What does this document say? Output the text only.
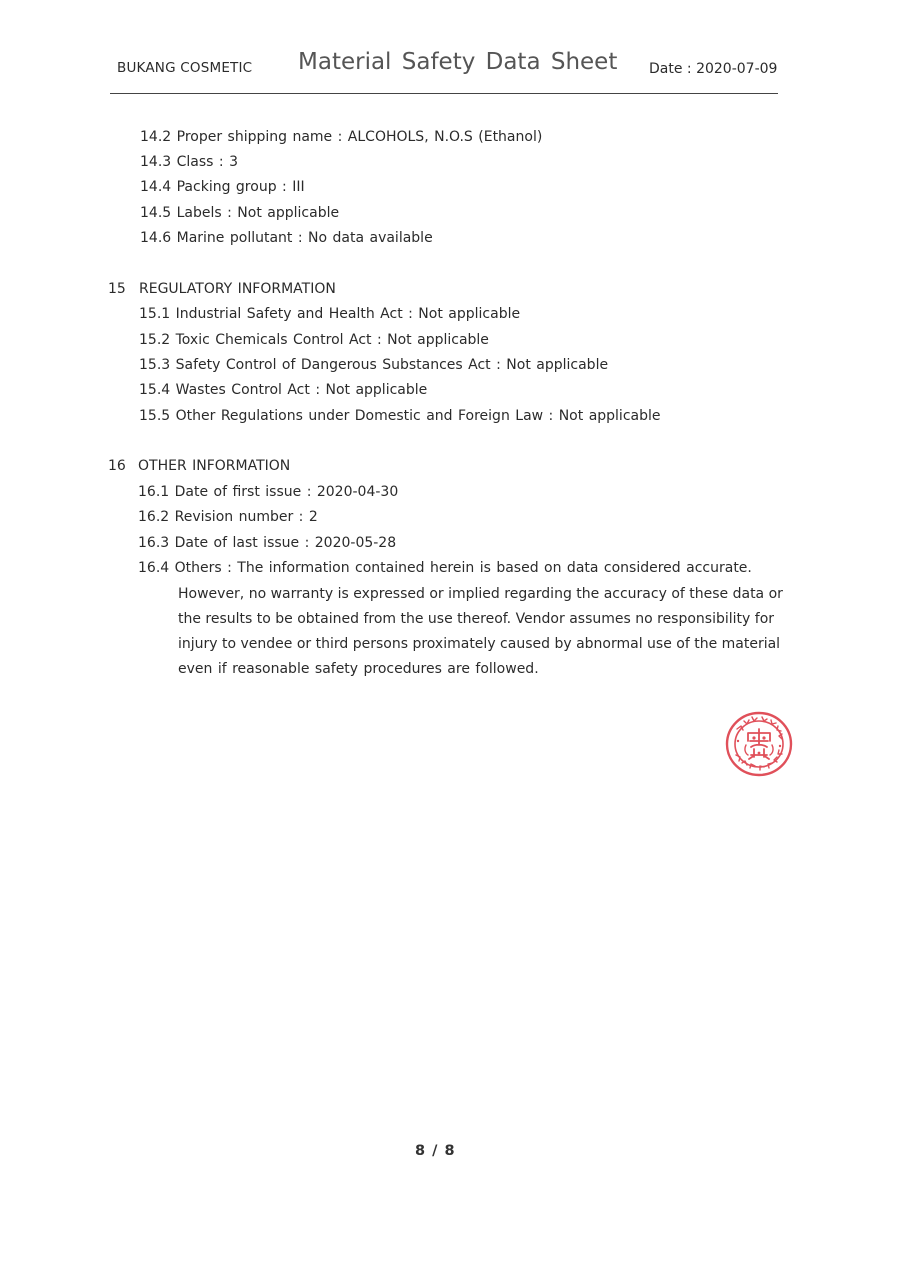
BUKANG COSMETIC Material Safety Data Sheet Date : 2020-07-09
14.2 Proper shipping name : ALCOHOLS, N.O.S (Ethanol)
14.3 Class : 3
14.4 Packing group : III
14.5 Labels : Not applicable
14.6 Marine pollutant : No data available
15 REGULATORY INFORMATION
15.1 Industrial Safety and Health Act : Not applicable
15.2 Toxic Chemicals Control Act : Not applicable
15.3 Safety Control of Dangerous Substances Act : Not applicable
15.4 Wastes Control Act : Not applicable
15.5 Other Regulations under Domestic and Foreign Law : Not applicable
16 OTHER INFORMATION
16.1 Date of first issue : 2020-04-30
16.2 Revision number : 2
16.3 Date of last issue : 2020-05-28
16.4 Others : The information contained herein is based on data considered accurate.
However, no warranty is expressed or implied regarding the accuracy of these data or
the results to be obtained from the use thereof. Vendor assumes no responsibility for
injury to vendee or third persons proximately caused by abnormal use of the material
even if reasonable safety procedures are followed.
8 / 8
